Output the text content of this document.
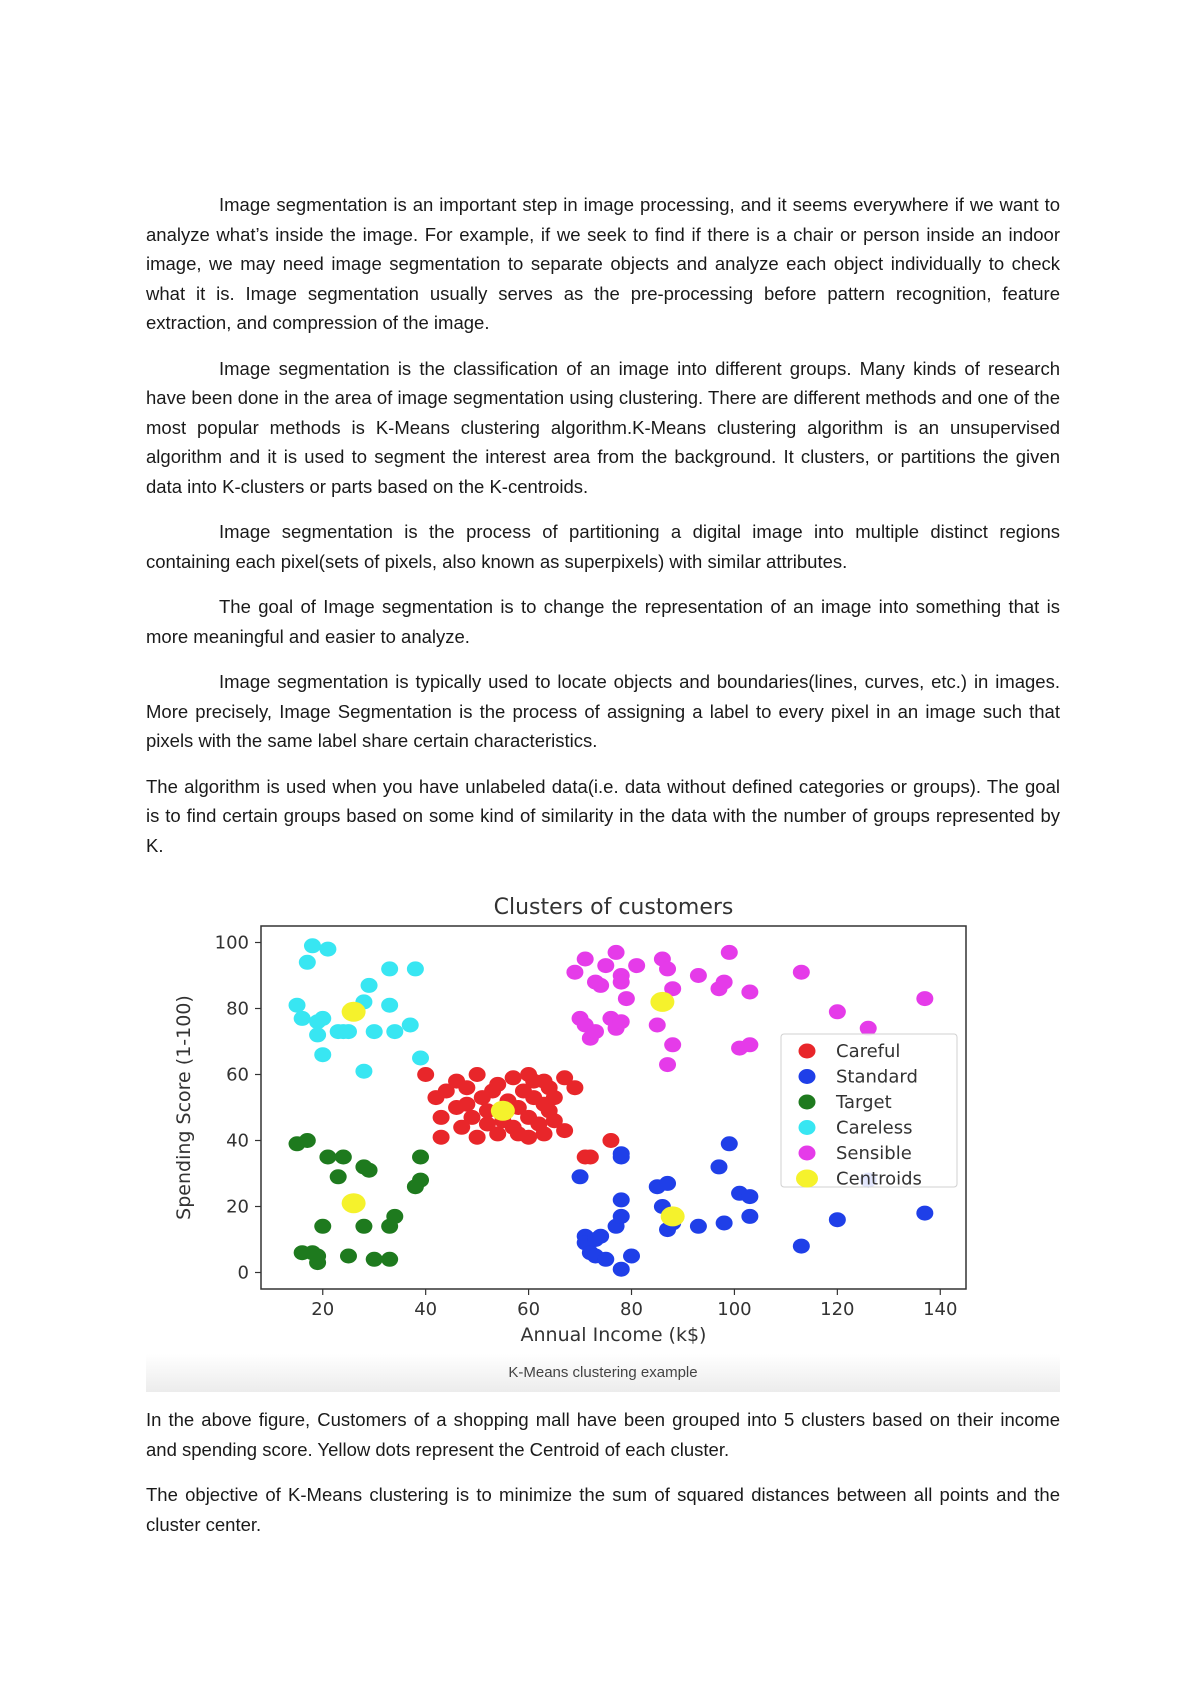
Image segmentation is an important step in image processing, and it seems everywhere if we want to analyze what’s inside the image. For example, if we seek to find if there is a chair or person inside an indoor image, we may need image segmentation to separate objects and analyze each object individually to check what it is. Image segmentation usually serves as the pre-processing before pattern recognition, feature extraction, and compression of the image.

Image segmentation is the classification of an image into different groups. Many kinds of research have been done in the area of image segmentation using clustering. There are different methods and one of the most popular methods is K-Means clustering algorithm.K-Means clustering algorithm is an unsupervised algorithm and it is used to segment the interest area from the background. It clusters, or partitions the given data into K-clusters or parts based on the K-centroids.

Image segmentation is the process of partitioning a digital image into multiple distinct regions containing each pixel(sets of pixels, also known as superpixels) with similar attributes.

The goal of Image segmentation is to change the representation of an image into something that is more meaningful and easier to analyze.

Image segmentation is typically used to locate objects and boundaries(lines, curves, etc.) in images. More precisely, Image Segmentation is the process of assigning a label to every pixel in an image such that pixels with the same label share certain characteristics.

The algorithm is used when you have unlabeled data(i.e. data without defined categories or groups). The goal is to find certain groups based on some kind of similarity in the data with the number of groups represented by K.

Clusters of customers
20	40	60	80	100	120	140
0
20
40
60
80
100
Annual Income (k$)
Spending Score (1-100)	Careful
Standard
Target
Careless
Sensible
Centroids
K-Means clustering example

In the above figure, Customers of a shopping mall have been grouped into 5 clusters based on their income and spending score. Yellow dots represent the Centroid of each cluster.

The objective of K-Means clustering is to minimize the sum of squared distances between all points and the cluster center.
